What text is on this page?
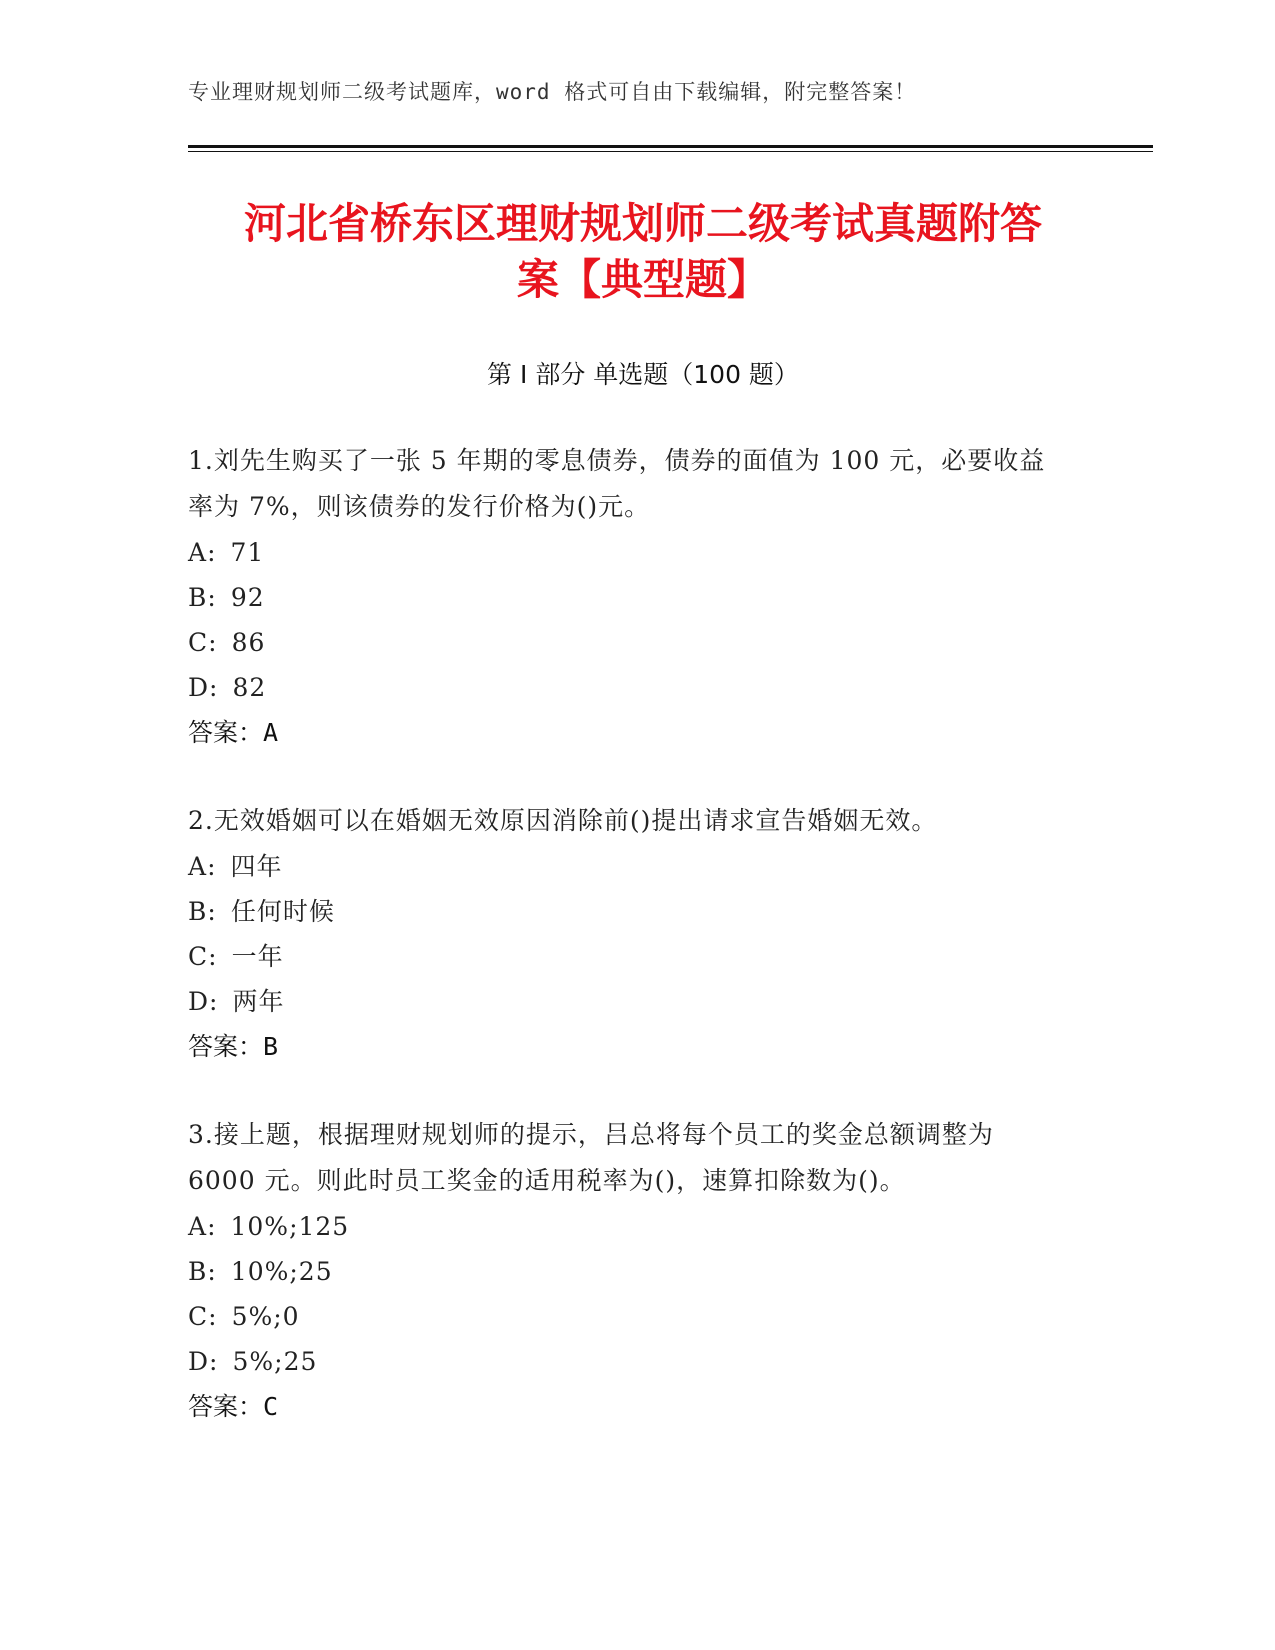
专业理财规划师二级考试题库，word 格式可自由下载编辑，附完整答案！
河北省桥东区理财规划师二级考试真题附答
案【典型题】
第 I 部分 单选题（100 题）
1.刘先生购买了一张 5 年期的零息债券，债券的面值为 100 元，必要收益率为 7%，则该债券的发行价格为()元。
A: 71
B: 92
C: 86
D: 82
答案：A
2.无效婚姻可以在婚姻无效原因消除前()提出请求宣告婚姻无效。
A: 四年
B: 任何时候
C: 一年
D: 两年
答案：B
3.接上题，根据理财规划师的提示，吕总将每个员工的奖金总额调整为 6000 元。则此时员工奖金的适用税率为()，速算扣除数为()。
A: 10%;125
B: 10%;25
C: 5%;0
D: 5%;25
答案：C
